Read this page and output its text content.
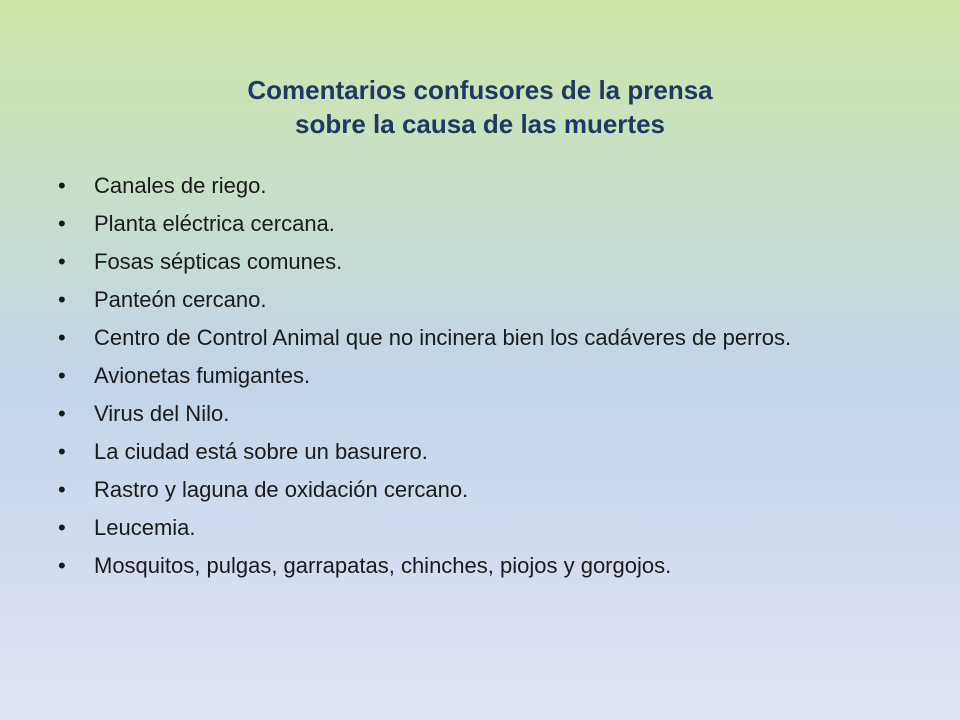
Comentarios confusores de la prensa
sobre la causa de las muertes
• Canales de riego.
• Planta eléctrica cercana.
• Fosas sépticas comunes.
• Panteón cercano.
• Centro de Control Animal que no incinera bien los cadáveres de perros.
• Avionetas fumigantes.
• Virus del Nilo.
• La ciudad está sobre un basurero.
• Rastro y laguna de oxidación cercano.
• Leucemia.
• Mosquitos, pulgas, garrapatas, chinches, piojos y gorgojos.
